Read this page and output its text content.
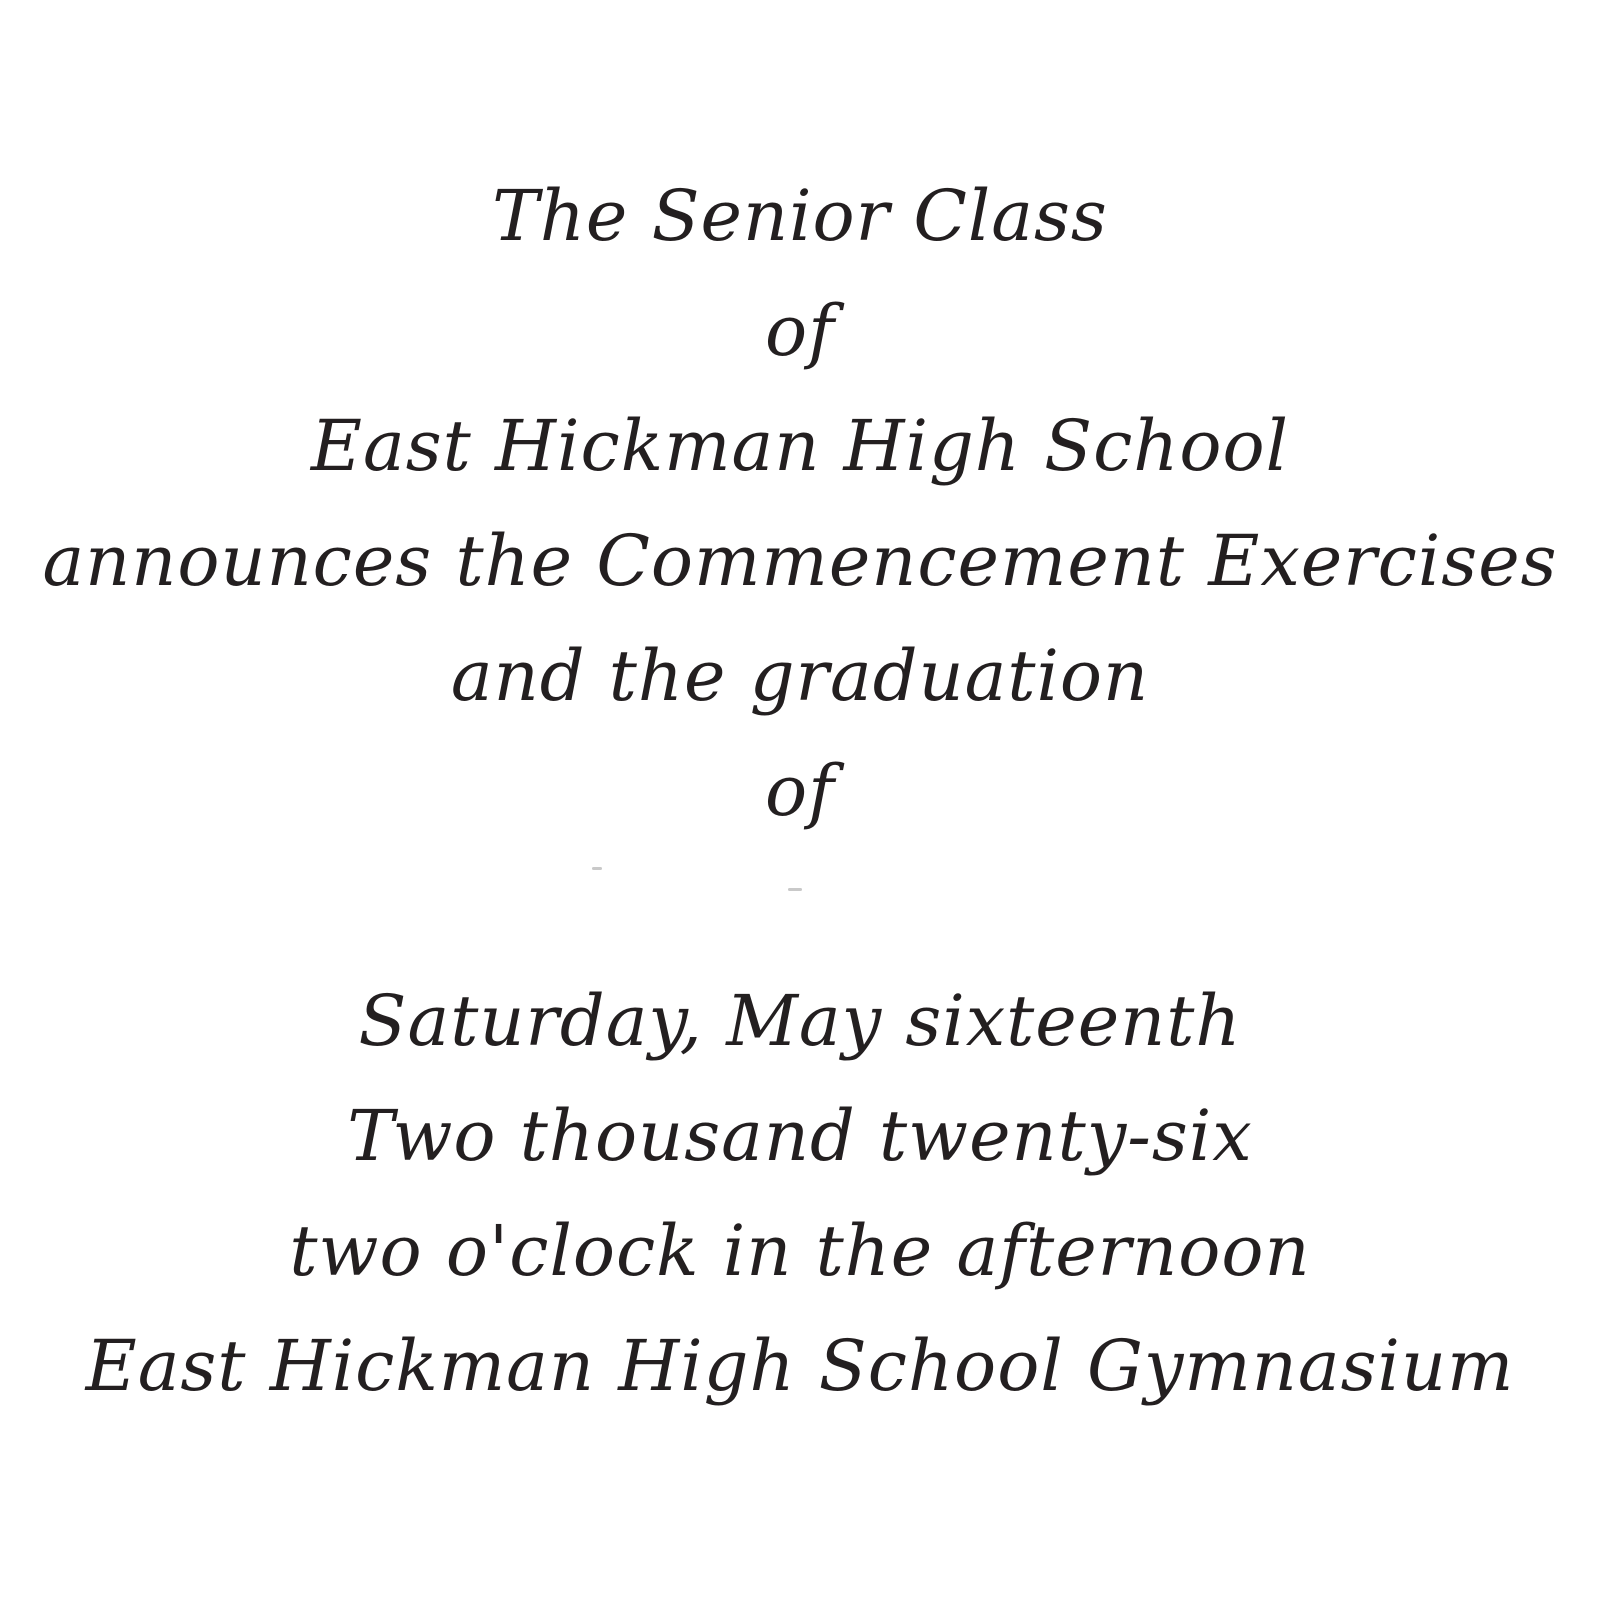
The Senior Class
of
East Hickman High School
announces the Commencement Exercises
and the graduation
of
Saturday, May sixteenth
Two thousand twenty-six
two o'clock in the afternoon
East Hickman High School Gymnasium
